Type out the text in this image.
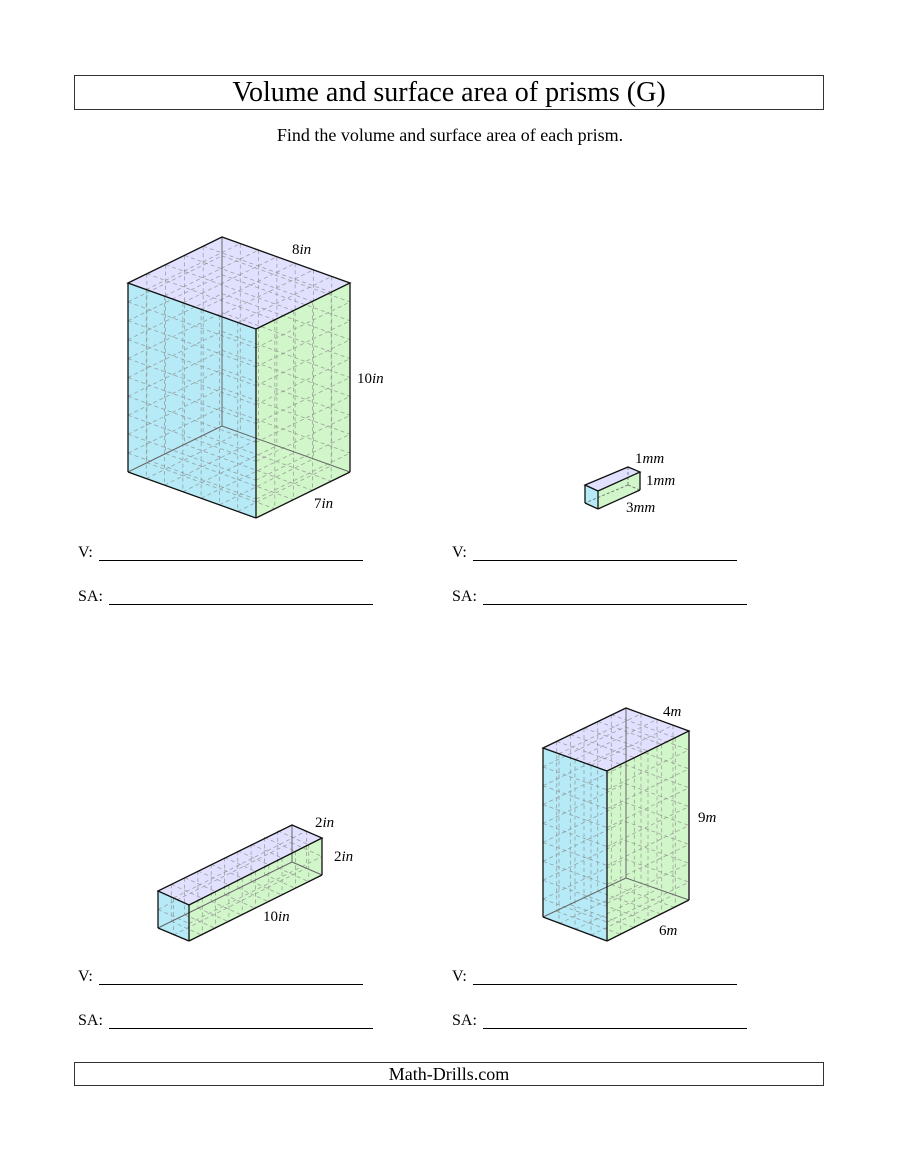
Volume and surface area of prisms (G)
Find the volume and surface area of each prism.
8in
10in
7in
1mm
1mm
3mm
2in
2in
10in
4m
9m
6m
V:
SA:
V:
SA:
V:
SA:
V:
SA:
Math-Drills.com
